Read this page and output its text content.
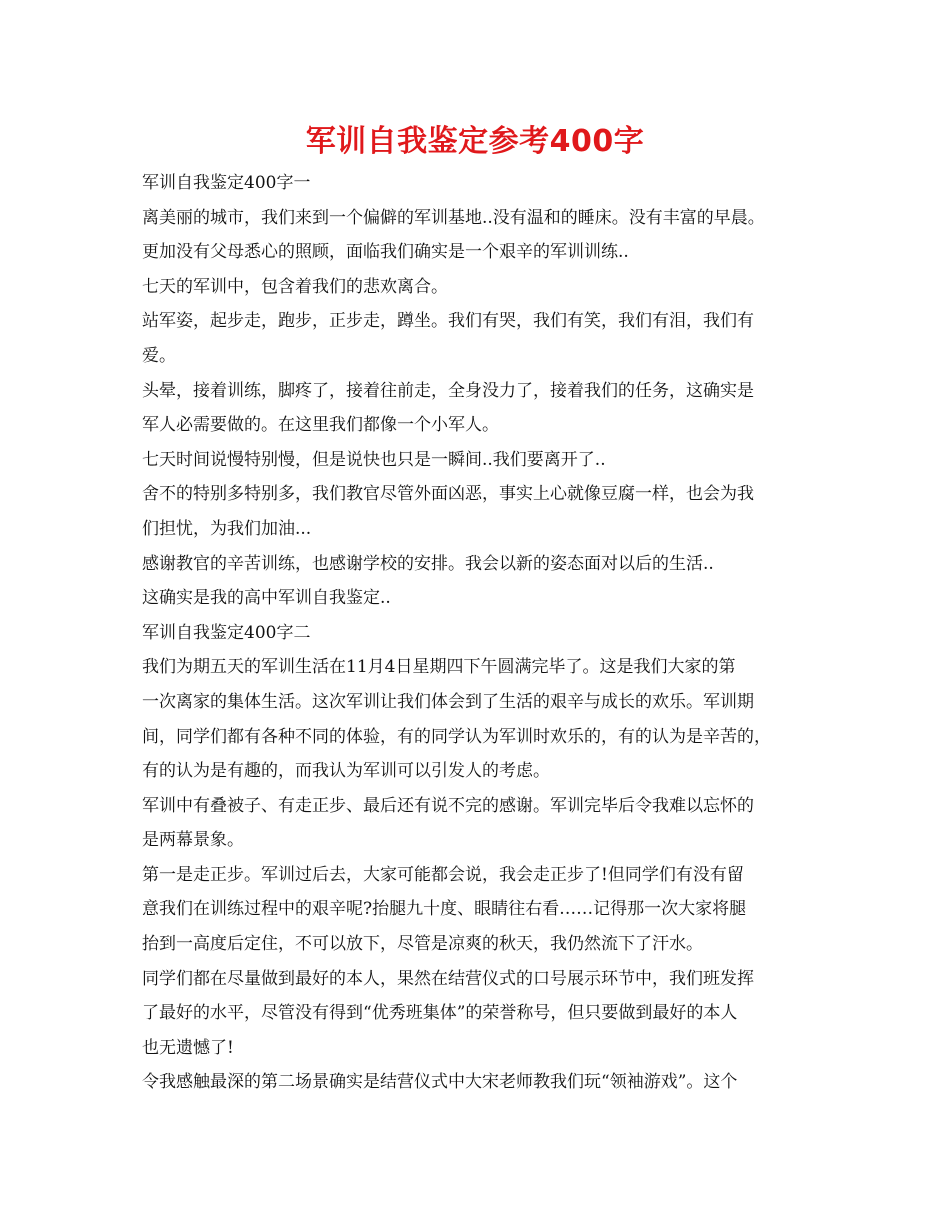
军训自我鉴定参考400字
军训自我鉴定400字一
离美丽的城市，我们来到一个偏僻的军训基地..没有温和的睡床。没有丰富的早晨。
更加没有父母悉心的照顾，面临我们确实是一个艰辛的军训训练..
七天的军训中，包含着我们的悲欢离合。
站军姿，起步走，跑步，正步走，蹲坐。我们有哭，我们有笑，我们有泪，我们有
爱。
头晕，接着训练，脚疼了，接着往前走，全身没力了，接着我们的任务，这确实是
军人必需要做的。在这里我们都像一个小军人。
七天时间说慢特别慢，但是说快也只是一瞬间..我们要离开了..
舍不的特别多特别多，我们教官尽管外面凶恶，事实上心就像豆腐一样，也会为我
们担忧，为我们加油...
感谢教官的辛苦训练，也感谢学校的安排。我会以新的姿态面对以后的生活..
这确实是我的高中军训自我鉴定..
军训自我鉴定400字二
我们为期五天的军训生活在11月4日星期四下午圆满完毕了。这是我们大家的第
一次离家的集体生活。这次军训让我们体会到了生活的艰辛与成长的欢乐。军训期
间，同学们都有各种不同的体验，有的同学认为军训时欢乐的，有的认为是辛苦的，
有的认为是有趣的，而我认为军训可以引发人的考虑。
军训中有叠被子、有走正步、最后还有说不完的感谢。军训完毕后令我难以忘怀的
是两幕景象。
第一是走正步。军训过后去，大家可能都会说，我会走正步了!但同学们有没有留
意我们在训练过程中的艰辛呢?抬腿九十度、眼睛往右看……记得那一次大家将腿
抬到一高度后定住，不可以放下，尽管是凉爽的秋天，我仍然流下了汗水。
同学们都在尽量做到最好的本人，果然在结营仪式的口号展示环节中，我们班发挥
了最好的水平，尽管没有得到“优秀班集体”的荣誉称号，但只要做到最好的本人
也无遗憾了!
令我感触最深的第二场景确实是结营仪式中大宋老师教我们玩“领袖游戏”。这个
